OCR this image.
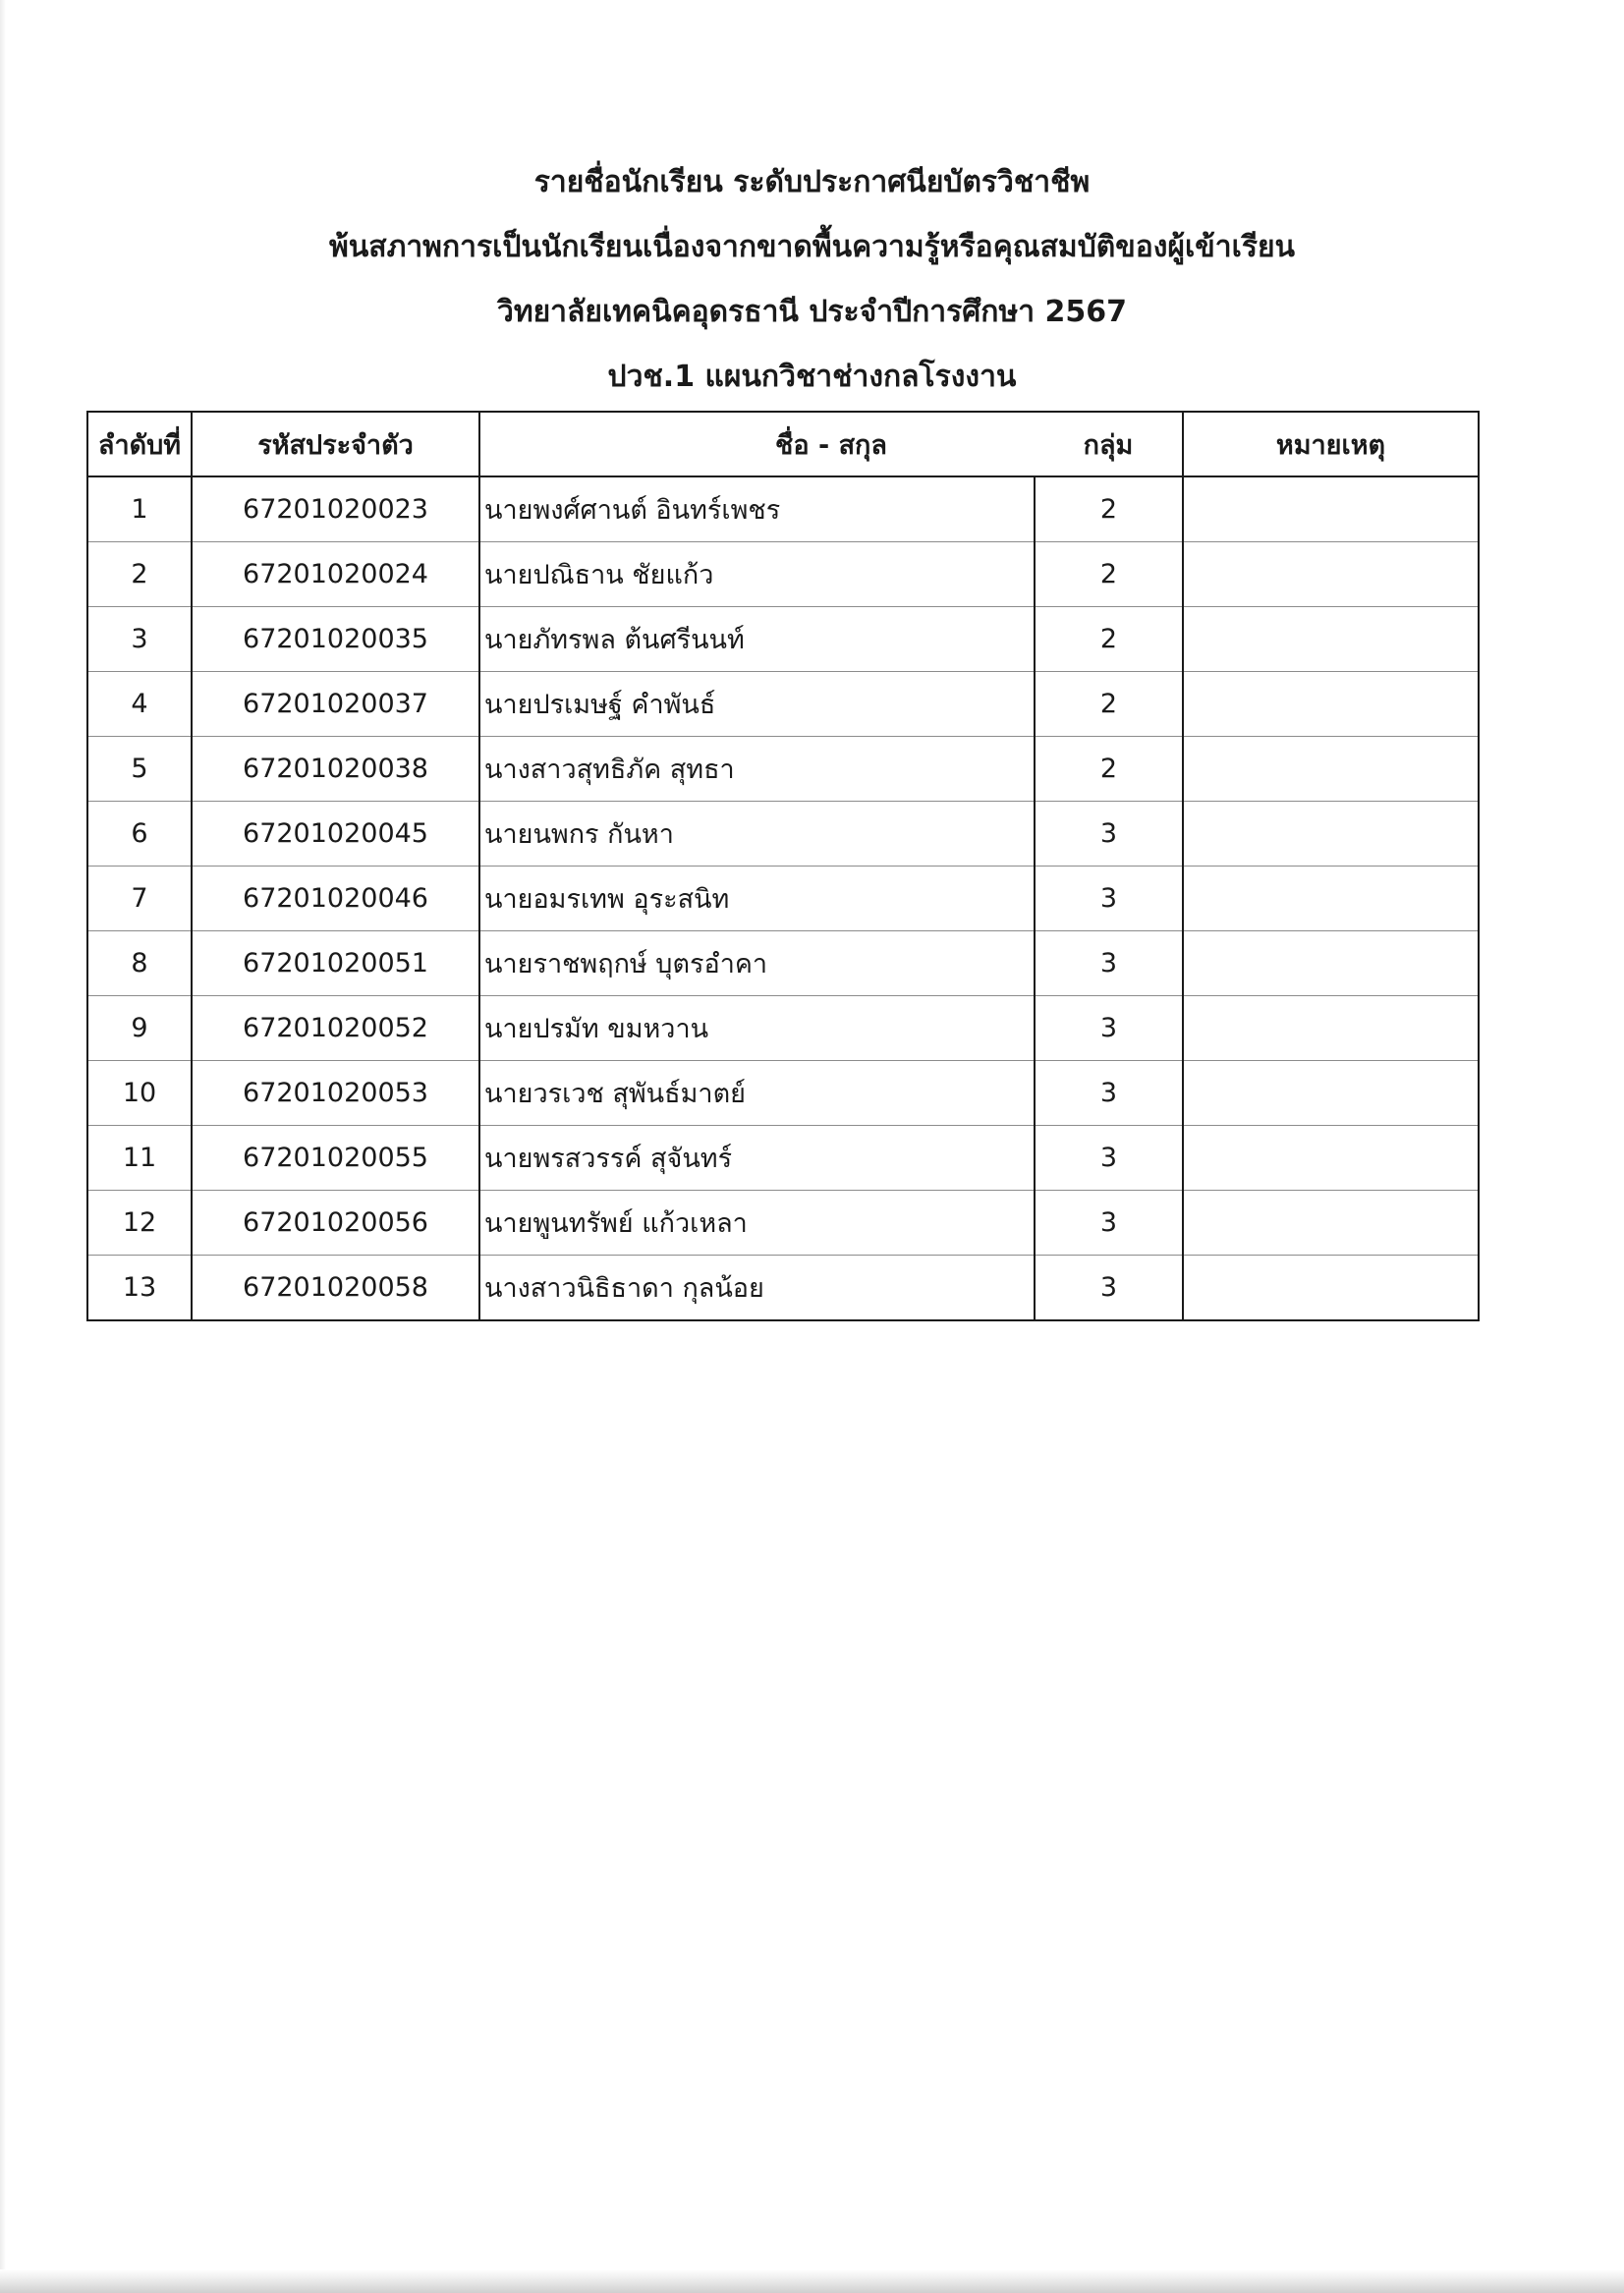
รายชื่อนักเรียน ระดับประกาศนียบัตรวิชาชีพ
พ้นสภาพการเป็นนักเรียนเนื่องจากขาดพื้นความรู้หรือคุณสมบัติของผู้เข้าเรียน
วิทยาลัยเทคนิคอุดรธานี ประจำปีการศึกษา 2567
ปวช.1 แผนกวิชาช่างกลโรงงาน
ลำดับที่	รหัสประจำตัว	ชื่อ - สกุล	กลุ่ม	หมายเหตุ
1	67201020023	นายพงศ์ศานต์ อินทร์เพชร	2	
2	67201020024	นายปณิธาน ชัยแก้ว	2	
3	67201020035	นายภัทรพล ต้นศรีนนท์	2	
4	67201020037	นายปรเมษฐ์ คำพันธ์	2	
5	67201020038	นางสาวสุทธิภัค สุทธา	2	
6	67201020045	นายนพกร กันหา	3	
7	67201020046	นายอมรเทพ อุระสนิท	3	
8	67201020051	นายราชพฤกษ์ บุตรอำคา	3	
9	67201020052	นายปรมัท ขมหวาน	3	
10	67201020053	นายวรเวช สุพันธ์มาตย์	3	
11	67201020055	นายพรสวรรค์ สุจันทร์	3	
12	67201020056	นายพูนทรัพย์ แก้วเหลา	3	
13	67201020058	นางสาวนิธิธาดา กุลน้อย	3	
